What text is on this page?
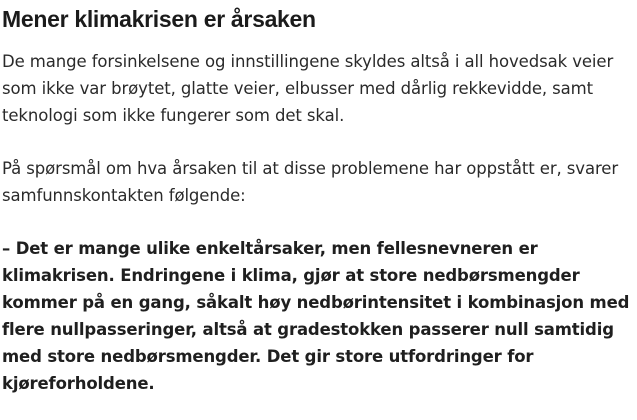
Mener klimakrisen er årsaken

De mange forsinkelsene og innstillingene skyldes altså i all hovedsak veier som ikke var brøytet, glatte veier, elbusser med dårlig rekkevidde, samt teknologi som ikke fungerer som det skal.

På spørsmål om hva årsaken til at disse problemene har oppstått er, svarer samfunnskontakten følgende:

– Det er mange ulike enkeltårsaker, men fellesnevneren er klimakrisen. Endringene i klima, gjør at store nedbørsmengder kommer på en gang, såkalt høy nedbørintensitet i kombinasjon med flere nullpasseringer, altså at gradestokken passerer null samtidig med store nedbørsmengder. Det gir store utfordringer for kjøreforholdene.
